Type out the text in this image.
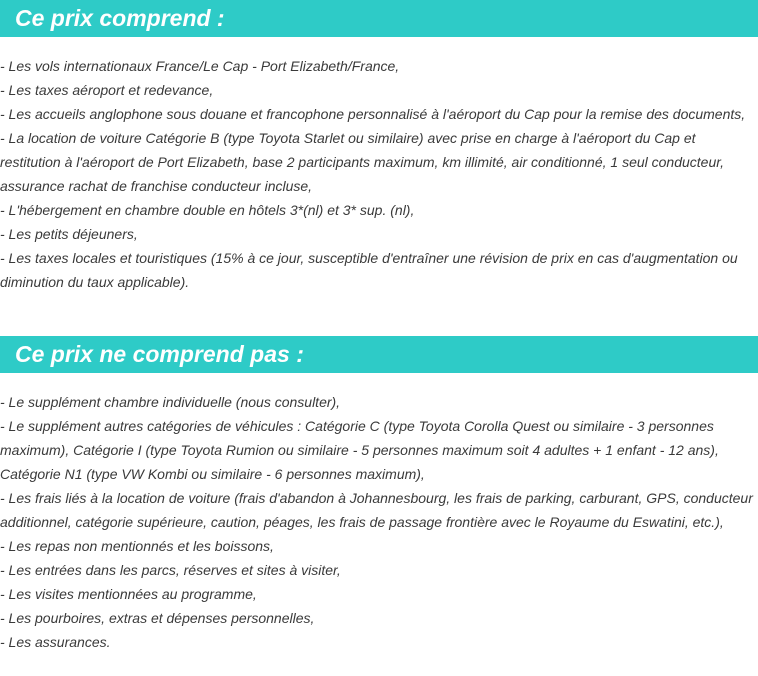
Ce prix comprend :
- Les vols internationaux France/Le Cap - Port Elizabeth/France,
- Les taxes aéroport et redevance,
- Les accueils anglophone sous douane et francophone personnalisé à l'aéroport du Cap pour la remise des documents,
- La location de voiture Catégorie B (type Toyota Starlet ou similaire) avec prise en charge à l'aéroport du Cap et restitution à l'aéroport de Port Elizabeth, base 2 participants maximum, km illimité, air conditionné, 1 seul conducteur, assurance rachat de franchise conducteur incluse,
- L'hébergement en chambre double en hôtels 3*(nl) et 3* sup. (nl),
- Les petits déjeuners,
- Les taxes locales et touristiques (15% à ce jour, susceptible d'entraîner une révision de prix en cas d'augmentation ou diminution du taux applicable).
Ce prix ne comprend pas :
- Le supplément chambre individuelle (nous consulter),
- Le supplément autres catégories de véhicules : Catégorie C (type Toyota Corolla Quest ou similaire - 3 personnes maximum), Catégorie I (type Toyota Rumion ou similaire - 5 personnes maximum soit 4 adultes + 1 enfant - 12 ans), Catégorie N1 (type VW Kombi ou similaire - 6 personnes maximum),
- Les frais liés à la location de voiture (frais d'abandon à Johannesbourg, les frais de parking, carburant, GPS, conducteur additionnel, catégorie supérieure, caution, péages, les frais de passage frontière avec le Royaume du Eswatini, etc.),
- Les repas non mentionnés et les boissons,
- Les entrées dans les parcs, réserves et sites à visiter,
- Les visites mentionnées au programme,
- Les pourboires, extras et dépenses personnelles,
- Les assurances.
